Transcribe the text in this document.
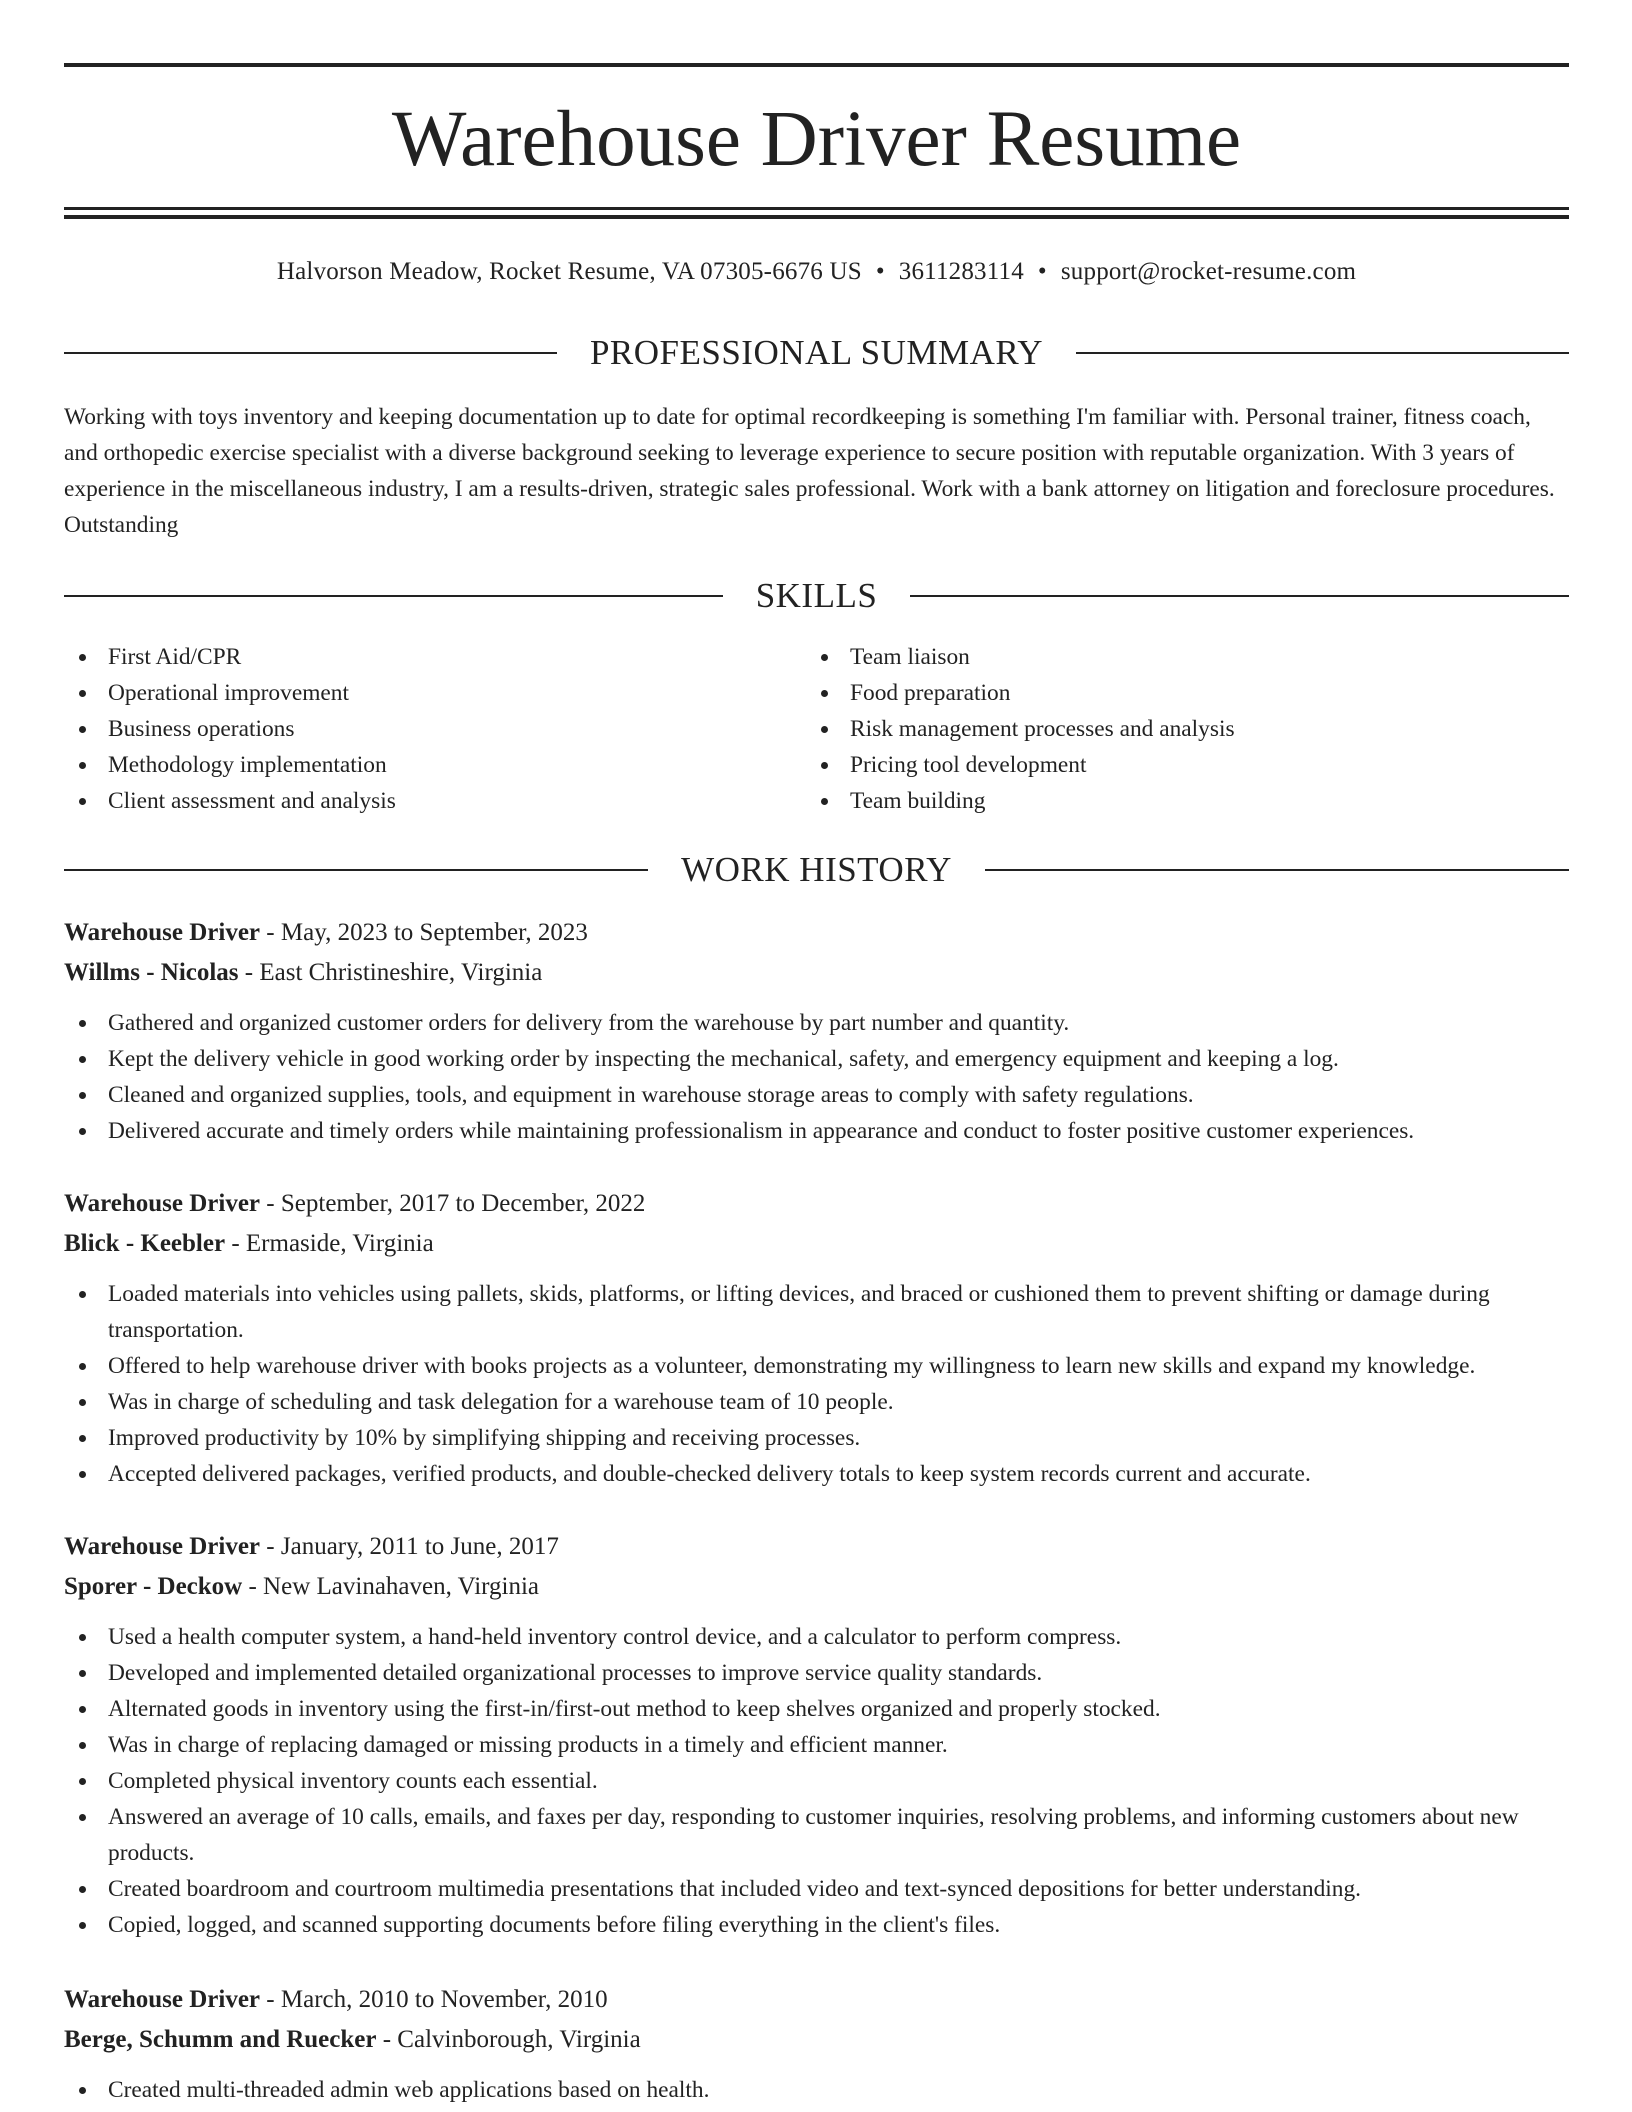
Warehouse Driver Resume
Halvorson Meadow, Rocket Resume, VA 07305-6676 US • 3611283114 • support@rocket-resume.com
PROFESSIONAL SUMMARY

Working with toys inventory and keeping documentation up to date for optimal recordkeeping is something I'm familiar with. Personal trainer, fitness coach, and orthopedic exercise specialist with a diverse background seeking to leverage experience to secure position with reputable organization. With 3 years of experience in the miscellaneous industry, I am a results-driven, strategic sales professional. Work with a bank attorney on litigation and foreclosure procedures. Outstanding

SKILLS
First Aid/CPR
Operational improvement
Business operations
Methodology implementation
Client assessment and analysis
Team liaison
Food preparation
Risk management processes and analysis
Pricing tool development
Team building
WORK HISTORY
Warehouse Driver - May, 2023 to September, 2023
Willms - Nicolas - East Christineshire, Virginia
Gathered and organized customer orders for delivery from the warehouse by part number and quantity.
Kept the delivery vehicle in good working order by inspecting the mechanical, safety, and emergency equipment and keeping a log.
Cleaned and organized supplies, tools, and equipment in warehouse storage areas to comply with safety regulations.
Delivered accurate and timely orders while maintaining professionalism in appearance and conduct to foster positive customer experiences.
Warehouse Driver - September, 2017 to December, 2022
Blick - Keebler - Ermaside, Virginia
Loaded materials into vehicles using pallets, skids, platforms, or lifting devices, and braced or cushioned them to prevent shifting or damage during transportation.
Offered to help warehouse driver with books projects as a volunteer, demonstrating my willingness to learn new skills and expand my knowledge.
Was in charge of scheduling and task delegation for a warehouse team of 10 people.
Improved productivity by 10% by simplifying shipping and receiving processes.
Accepted delivered packages, verified products, and double-checked delivery totals to keep system records current and accurate.
Warehouse Driver - January, 2011 to June, 2017
Sporer - Deckow - New Lavinahaven, Virginia
Used a health computer system, a hand-held inventory control device, and a calculator to perform compress.
Developed and implemented detailed organizational processes to improve service quality standards.
Alternated goods in inventory using the first-in/first-out method to keep shelves organized and properly stocked.
Was in charge of replacing damaged or missing products in a timely and efficient manner.
Completed physical inventory counts each essential.
Answered an average of 10 calls, emails, and faxes per day, responding to customer inquiries, resolving problems, and informing customers about new products.
Created boardroom and courtroom multimedia presentations that included video and text-synced depositions for better understanding.
Copied, logged, and scanned supporting documents before filing everything in the client's files.
Warehouse Driver - March, 2010 to November, 2010
Berge, Schumm and Ruecker - Calvinborough, Virginia
Created multi-threaded admin web applications based on health.
